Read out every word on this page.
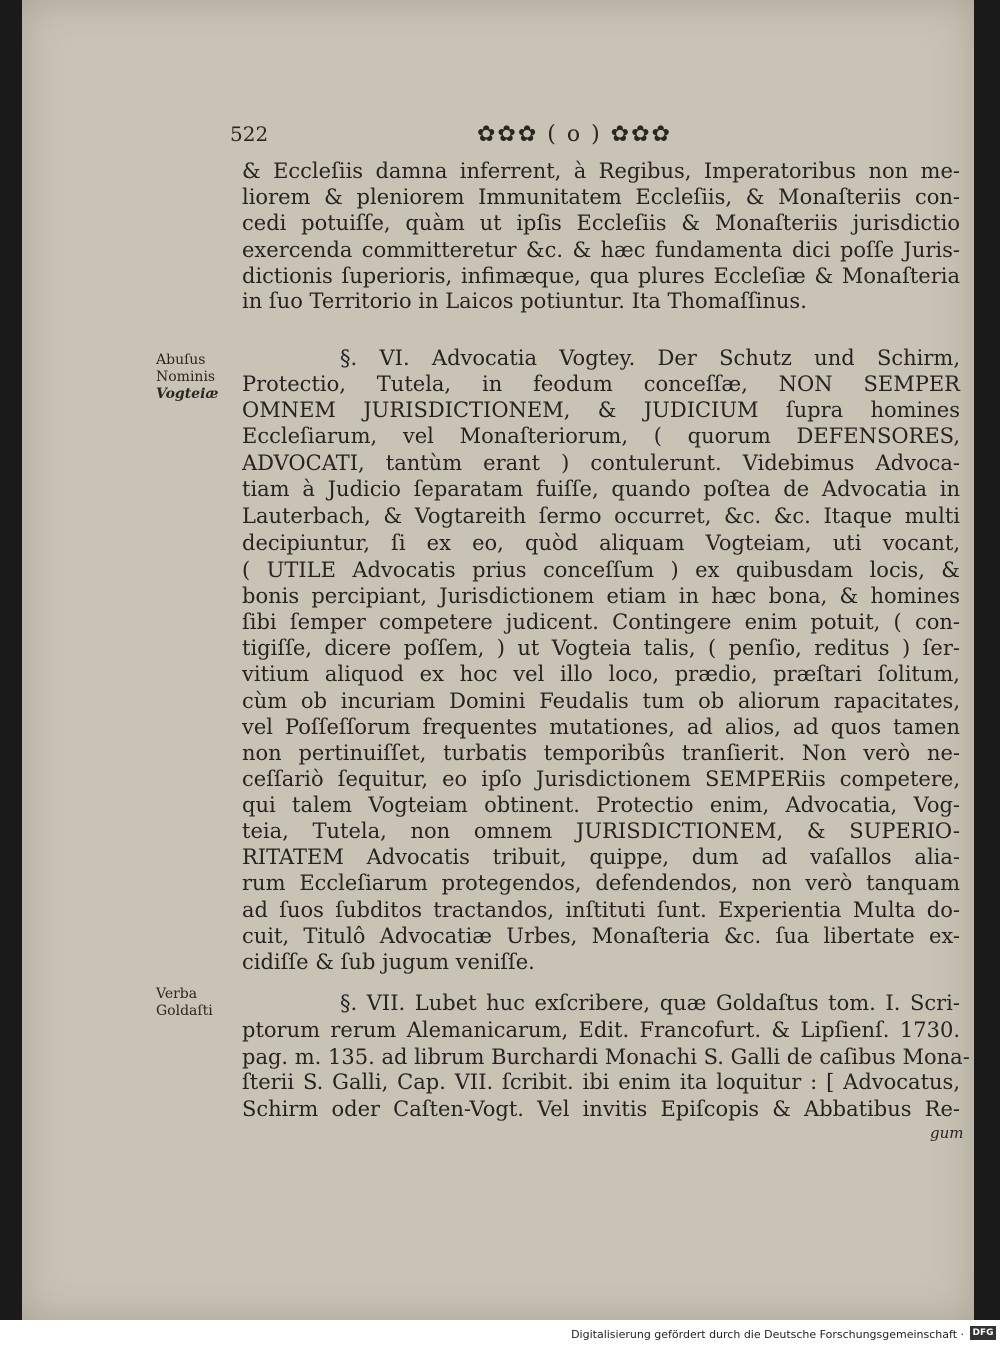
522	✿✿✿ ( o ) ✿✿✿
Abuſus
Nominis
Vogteiæ
Verba
Goldaſti
& Eccleſiis damna inferrent, à Regibus, Imperatoribus non me-
liorem & pleniorem Immunitatem Eccleſiis, & Monaſteriis con-
cedi potuiſſe, quàm ut ipſis Eccleſiis & Monaſteriis jurisdictio
exercenda committeretur &c. & hæc fundamenta dici poſſe Juris-
dictionis ſuperioris, infimæque, qua plures Eccleſiæ & Monaſteria
in ſuo Territorio in Laicos potiuntur. Ita Thomaſſinus.
§. VI. Advocatia Vogtey. Der Schutz und Schirm,
Protectio, Tutela, in feodum conceſſæ, NON SEMPER
OMNEM JURISDICTIONEM, & JUDICIUM ſupra homines
Eccleſiarum, vel Monaſteriorum, ( quorum DEFENSORES,
ADVOCATI, tantùm erant ) contulerunt. Videbimus Advoca-
tiam à Judicio ſeparatam fuiſſe, quando poſtea de Advocatia in
Lauterbach, & Vogtareith ſermo occurret, &c. &c. Itaque multi
decipiuntur, ſi ex eo, quòd aliquam Vogteiam, uti vocant,
( UTILE Advocatis prius conceſſum ) ex quibusdam locis, &
bonis percipiant, Jurisdictionem etiam in hæc bona, & homines
ſibi ſemper competere judicent. Contingere enim potuit, ( con-
tigiſſe, dicere poſſem, ) ut Vogteia talis, ( penſio, reditus ) ſer-
vitium aliquod ex hoc vel illo loco, prædio, præſtari ſolitum,
cùm ob incuriam Domini Feudalis tum ob aliorum rapacitates,
vel Poſſeſſorum frequentes mutationes, ad alios, ad quos tamen
non pertinuiſſet, turbatis temporibûs tranſierit. Non verò ne-
ceſſariò ſequitur, eo ipſo Jurisdictionem SEMPERiis competere,
qui talem Vogteiam obtinent. Protectio enim, Advocatia, Vog-
teia, Tutela, non omnem JURISDICTIONEM, & SUPERIO-
RITATEM Advocatis tribuit, quippe, dum ad vaſallos alia-
rum Eccleſiarum protegendos, defendendos, non verò tanquam
ad ſuos ſubditos tractandos, inſtituti ſunt. Experientia Multa do-
cuit, Titulô Advocatiæ Urbes, Monaſteria &c. ſua libertate ex-
cidiſſe & ſub jugum veniſſe.
§. VII. Lubet huc exſcribere, quæ Goldaſtus tom. I. Scri-
ptorum rerum Alemanicarum, Edit. Francofurt. & Lipſienſ. 1730.
pag. m. 135. ad librum Burchardi Monachi S. Galli de caſibus Mona-
ſterii S. Galli, Cap. VII. ſcribit. ibi enim ita loquitur : [ Advocatus,
Schirm oder Caſten-Vogt. Vel invitis Epiſcopis & Abbatibus Re-
gum
Digitalisierung gefördert durch die Deutsche Forschungsgemeinschaft · DFG
